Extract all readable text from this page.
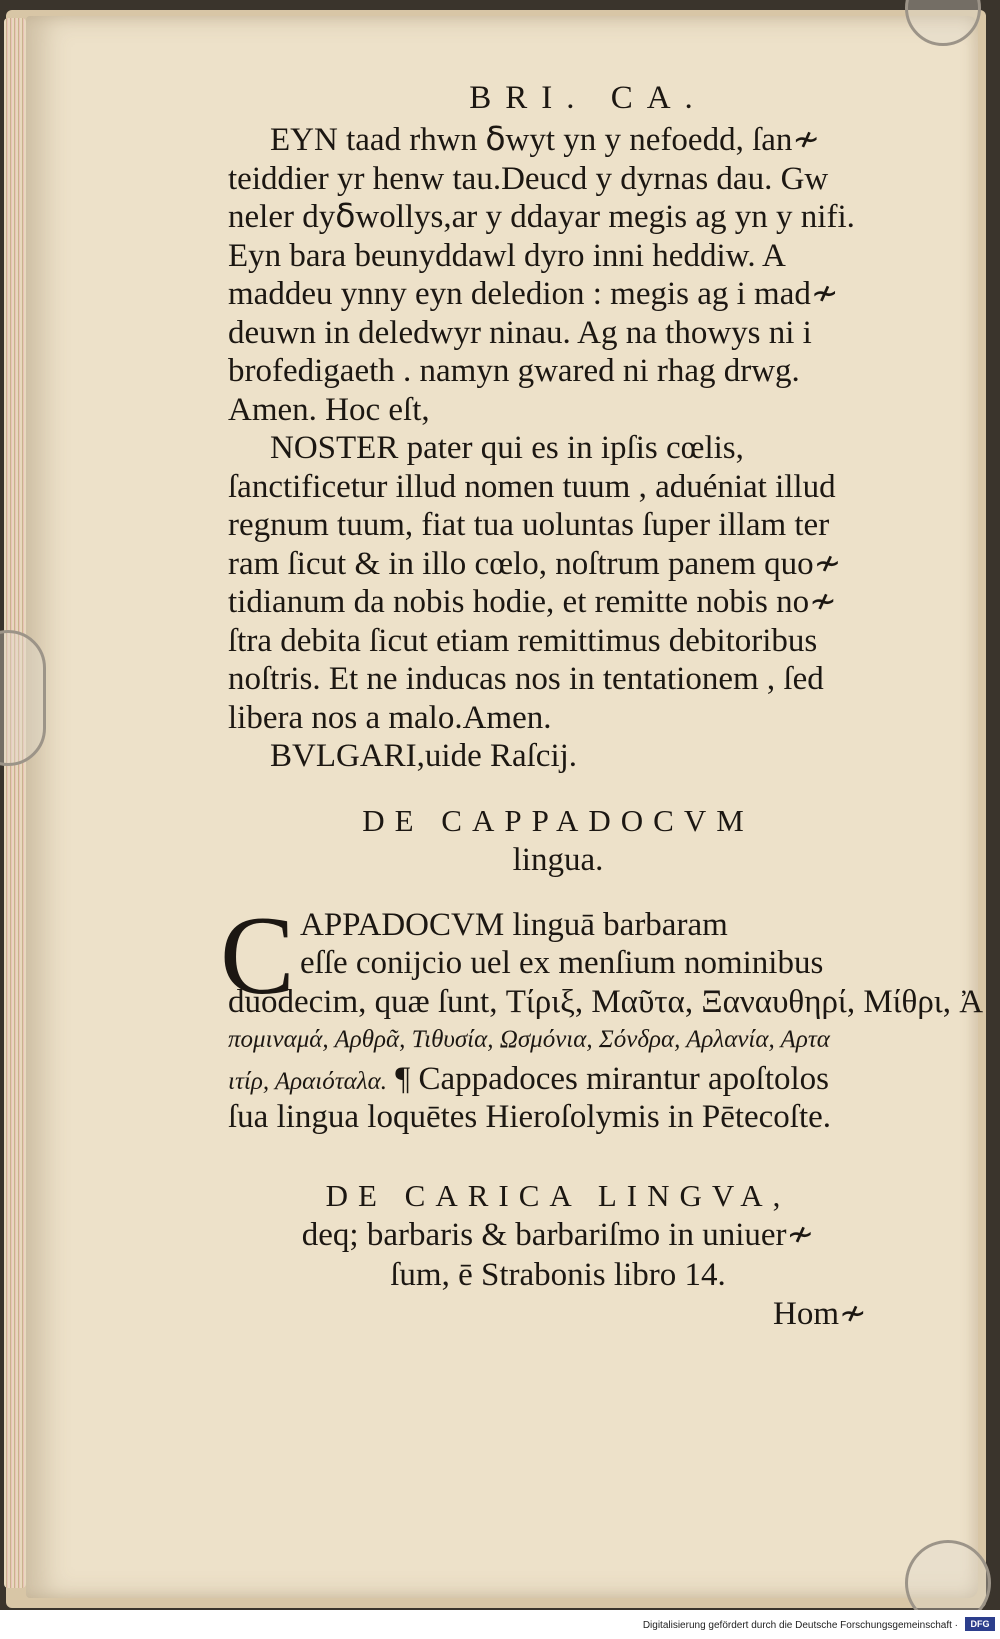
BRI. CA.
EYN taad rhwn ẟwyt yn y nefoedd, ſan≁
teiddier yr henw tau.Deucd y dyrnas dau. Gw
neler dyẟwollys,ar y ddayar megis ag yn y nifi.
Eyn bara beunyddawl dyro inni heddiw. A
maddeu ynny eyn deledion : megis ag i mad≁
deuwn in deledwyr ninau. Ag na thowys ni i
brofedigaeth . namyn gwared ni rhag drwg.
Amen. Hoc eſt,
NOSTER pater qui es in ipſis cœlis,
ſanctificetur illud nomen tuum , aduéniat illud
regnum tuum, fiat tua uoluntas ſuper illam ter
ram ſicut & in illo cœlo, noſtrum panem quo≁
tidianum da nobis hodie, et remitte nobis no≁
ſtra debita ſicut etiam remittimus debitoribus
noſtris. Et ne inducas nos in tentationem , ſed
libera nos a malo.Amen.
BVLGARI,uide Raſcij.
DE CAPPADOCVM
lingua.
C APPADOCVM linguā barbaram
eſſe conijcio uel ex menſium nominibus
duodecim, quæ ſunt, Τίριξ, Μαῦτα, Ξαναυθηρί, Μίθρι, Ἀ
πομιναμά, Αρθρᾶ, Τιθυσία, Ωσμόνια, Σόνδρα, Αρλανία, Αρτα
ιτίρ, Αραιόταλα. ¶ Cappadoces mirantur apoſtolos
ſua lingua loquētes Hieroſolymis in Pētecoſte.
DE CARICA LINGVA,
deq; barbaris & barbariſmo in uniuer≁
ſum, ē Strabonis libro 14.
Hom≁
Digitalisierung gefördert durch die Deutsche Forschungsgemeinschaft ·	DFG
